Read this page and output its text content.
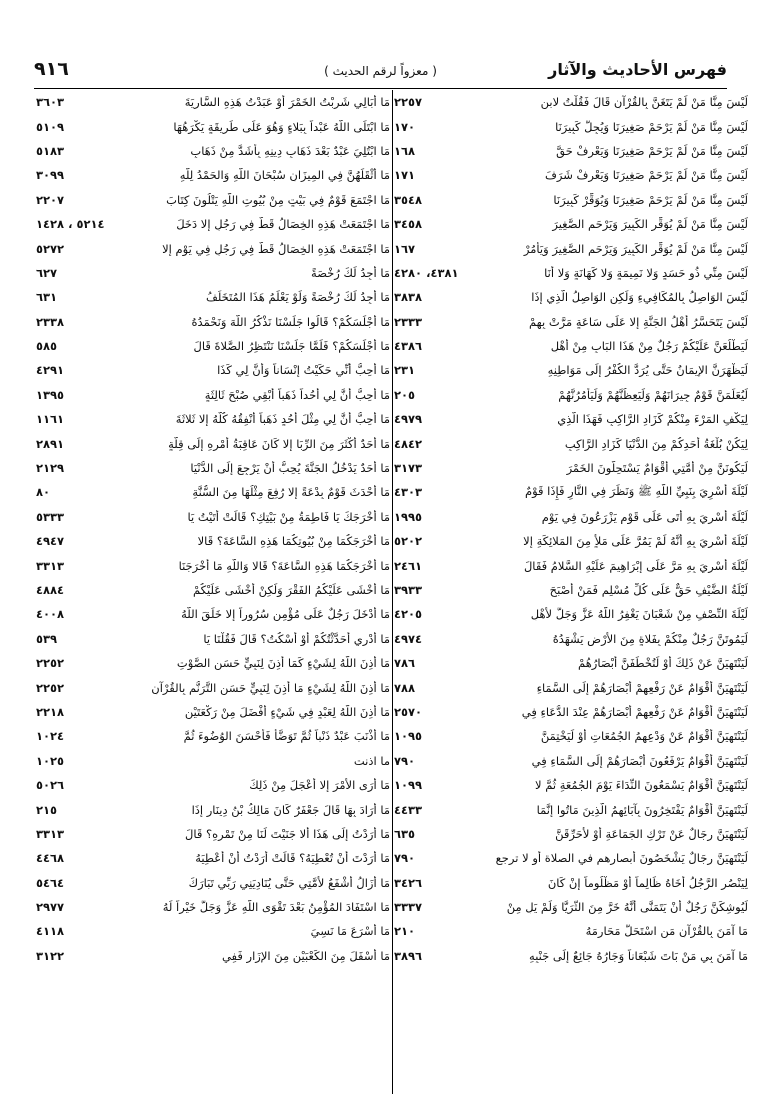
فهرس الأحاديث والآثار
( معزواً لرقم الحديث )
٩١٦
لَيْسَ مِنَّا مَنْ لَمْ يَتَغَنَّ بِالقُرْآنِ قَالَ فَقُلْتُ لابن
٢٢٥٧
لَيْسَ مِنَّا مَنْ لَمْ يَرْحَمْ صَغِيرَنَا وَيُجِلَّ كَبِيرَنَا
١٧٠
لَيْسَ مِنَّا مَنْ لَمْ يَرْحَمْ صَغِيرَنَا وَيَعْرِفْ حَقَّ
١٦٨
لَيْسَ مِنَّا مَنْ لَمْ يَرْحَمْ صَغِيرَنَا وَيَعْرِفْ شَرَفَ
١٧١
لَيْسَ مِنَّا مَنْ لَمْ يَرْحَمْ صَغِيرَنَا وَيُوَقِّرْ كَبِيرَنَا
٣٥٤٨
لَيْسَ مِنَّا مَنْ لَمْ يُوَقِّرِ الكَبِيرَ وَيَرْحَمِ الصَّغِيرَ
٣٤٥٨
لَيْسَ مِنَّا مَنْ لَمْ يُوَقِّرِ الكَبِيرَ وَيَرْحَمِ الصَّغِيرَ وَيَأْمُرْ
١٦٧
لَيْسَ مِنِّي ذُو حَسَدٍ وَلا نَمِيمَةٍ وَلا كَهَانَةٍ وَلا أَنَا
٤٣٨١، ٤٢٨٠
لَيْسَ الوَاصِلُ بِالمُكَافِيءِ وَلَكِنِ الوَاصِلُ الَّذِي إِذَا
٣٨٣٨
لَيْسَ يَتَحَسَّرُ أَهْلُ الجَنَّةِ إِلا عَلَى سَاعَةٍ مَرَّتْ بِهِمْ
٢٣٣٣
لَيَطْلُعَنَّ عَلَيْكُمْ رَجُلٌ مِنْ هَذَا البَابِ مِنْ أَهْلِ
٤٣٨٦
لَيَظْهَرَنَّ الإِيمَانُ حَتَّى يُرَدَّ الكُفْرُ إِلَى مَوَاطِنِهِ
٢٣١
لَيُعَلِّمَنَّ قَوْمٌ جِيرَانَهُمْ وَلَيَعِظُنَّهُمْ وَلَيَأْمُرُنَّهُمْ
٢٠٥
لِيَكْفِ المَرْءَ مِنْكُمْ كَزَادِ الرَّاكِبِ فَهَذَا الَّذِي
٤٩٧٩
لِيَكُنْ بُلْغَةُ أَحَدِكُمْ مِنَ الدُّنْيَا كَزَادِ الرَّاكِبِ
٤٨٤٢
لَيَكُونَنَّ مِنْ أُمَّتِي أَقْوَامٌ يَسْتَحِلُّونَ الخَمْرَ
٣١٧٣
لَيْلَةَ أُسْرِيَ بِنَبِيِّ اللَّهِ ﷺ وَنَظَرَ فِي النَّارِ فَإِذَا قَوْمٌ
٤٣٠٣
لَيْلَةَ أُسْرِيَ بِهِ أَتَى عَلَى قَوْمٍ يَزْرَعُونَ فِي يَوْمٍ
١٩٩٥
لَيْلَةَ أُسْرِيَ بِهِ أَنَّهُ لَمْ يَمُرَّ عَلَى مَلأٍ مِنَ المَلائِكَةِ إِلا
٥٢٠٢
لَيْلَةَ أُسْرِيَ بِهِ مَرَّ عَلَى إِبْرَاهِيمَ عَلَيْهِ السَّلامُ فَقَالَ
٢٤٦١
لَيْلَةُ الضَّيْفِ حَقٌّ عَلَى كُلِّ مُسْلِمٍ فَمَنْ أَصْبَحَ
٣٩٣٣
لَيْلَةَ النِّصْفِ مِنْ شَعْبَانَ يَغْفِرُ اللَّهُ عَزَّ وَجَلَّ لأَهْلِ
٤٢٠٥
لَيَمُوتَنَّ رَجُلٌ مِنْكُمْ بِفَلاةٍ مِنَ الأَرْضِ يَشْهَدُهُ
٤٩٧٤
لَيَنْتَهِيَنَّ عَنْ ذَلِكَ أَوْ لَتُخْطَفَنَّ أَبْصَارُهُمْ
٧٨٦
لَيَنْتَهِيَنَّ أَقْوَامٌ عَنْ رَفْعِهِمْ أَبْصَارَهُمْ إِلَى السَّمَاءِ
٧٨٨
لَيَنْتَهِيَنَّ أَقْوَامٌ عَنْ رَفْعِهِمْ أَبْصَارَهُمْ عِنْدَ الدُّعَاءِ فِي
٢٥٧٠
لَيَنْتَهِيَنَّ أَقْوَامٌ عَنْ وَدْعِهِمُ الجُمُعَاتِ أَوْ لَيَخْتِمَنَّ
١٠٩٥
لَيَنْتَهِيَنَّ أَقْوَامٌ يَرْفَعُونَ أَبْصَارَهُمْ إِلَى السَّمَاءِ فِي
٧٩٠
لَيَنْتَهِيَنَّ أَقْوَامٌ يَسْمَعُونَ النِّدَاءَ يَوْمَ الجُمُعَةِ ثُمَّ لا
١٠٩٩
لَيَنْتَهِيَنَّ أَقْوَامٌ يَفْتَخِرُونَ بِآبَائِهِمُ الَّذِينَ مَاتُوا إِنَّمَا
٤٤٣٣
لَيَنْتَهِيَنَّ رِجَالٌ عَنْ تَرْكِ الجَمَاعَةِ أَوْ لأُحَرِّقَنَّ
٦٣٥
لَيَنْتَهِيَنَّ رِجَالٌ يَشْخَصُونَ أبصارهم في الصلاة أو لا ترجع
٧٩٠
لِيَنْصُرِ الرَّجُلُ أَخَاهُ ظَالِماً أَوْ مَظْلُوماً إِنْ كَانَ
٣٤٢٦
لَيُوشِكَنَّ رَجُلٌ أَنْ يَتَمَنَّى أَنَّهُ خَرَّ مِنَ الثُّرَيَّا وَلَمْ يَلِ مِنْ
٣٣٣٧
مَا آمَنَ بِالقُرْآنِ مَنِ اسْتَحَلَّ مَحَارِمَهُ
٢١٠
مَا آمَنَ بِي مَنْ بَاتَ شَبْعَاناً وَجَارُهُ جَائِعٌ إِلَى جَنْبِهِ
٣٨٩٦
مَا أُبَالِي شَرِبْتُ الخَمْرَ أَوْ عَبَدْتُ هَذِهِ السَّارِيَةَ
٣٦٠٣
مَا ابْتَلَى اللَّهُ عَبْداً بِبَلاءٍ وَهُوَ عَلَى طَرِيقَةٍ يَكْرَهُهَا
٥١٠٩
مَا ابْتُلِيَ عَبْدٌ بَعْدَ ذَهَابِ دِينِهِ بِأَشَدَّ مِنْ ذَهَابِ
٥١٨٣
مَا أَثْقَلَهُنَّ فِي المِيزَانِ سُبْحَانَ اللَّهِ وَالحَمْدُ لِلَّهِ
٣٠٩٩
مَا اجْتَمَعَ قَوْمٌ فِي بَيْتٍ مِنْ بُيُوتِ اللَّهِ يَتْلُونَ كِتَابَ
٢٢٠٧
مَا اجْتَمَعَتْ هَذِهِ الخِصَالُ قَطُّ فِي رَجُلٍ إِلا دَخَلَ
٥٢١٤ ، ١٤٢٨
مَا اجْتَمَعَتْ هَذِهِ الخِصَالُ قَطُّ فِي رَجُلٍ فِي يَوْمٍ إِلا
٥٢٧٢
مَا أَجِدُ لَكَ رُخْصَةً
٦٢٧
مَا أَجِدُ لَكَ رُخْصَةً وَلَوْ يَعْلَمُ هَذَا المُتَخَلِّفُ
٦٣١
مَا أَجْلَسَكُمْ؟ قَالُوا جَلَسْنَا نَذْكُرُ اللَّهَ وَنَحْمَدُهُ
٢٣٣٨
مَا أَجْلَسَكُمْ؟ فَلَمَّا جَلَسْنَا نَنْتَظِرُ الصَّلاةَ قَالَ
٥٨٥
مَا أُحِبُّ أَنِّي حَكَيْتُ إِنْسَاناً وَأَنَّ لِي كَذَا
٤٢٩١
مَا أُحِبُّ أَنَّ لِي أُحُداً ذَهَباً أُبْقِي صُبْحَ ثَالِثَةٍ
١٣٩٥
مَا أُحِبُّ أَنَّ لِي مِثْلَ أُحُدٍ ذَهَباً أُنْفِقُهُ كُلَّهُ إِلا ثَلاثَةَ
١١٦١
مَا أَحَدٌ أَكْثَرَ مِنَ الرِّبَا إِلا كَانَ عَاقِبَةُ أَمْرِهِ إِلَى قِلَّةٍ
٢٨٩١
مَا أَحَدٌ يَدْخُلُ الجَنَّةَ يُحِبُّ أَنْ يَرْجِعَ إِلَى الدُّنْيَا
٢١٢٩
مَا أَحْدَثَ قَوْمٌ بِدْعَةً إِلا رُفِعَ مِثْلُهَا مِنَ السُّنَّةِ
٨٠
مَا أَخْرَجَكَ يَا فَاطِمَةُ مِنْ بَيْتِكِ؟ قَالَتْ أَتَيْتُ يَا
٥٣٣٣
مَا أَخْرَجَكُمَا مِنْ بُيُوتِكُمَا هَذِهِ السَّاعَةَ؟ قَالا
٤٩٤٧
مَا أَخْرَجَكُمَا هَذِهِ السَّاعَةَ؟ قَالا وَاللَّهِ مَا أَخْرَجَنَا
٣٣١٣
مَا أَخْشَى عَلَيْكُمُ الفَقْرَ وَلَكِنْ أَخْشَى عَلَيْكُمْ
٤٨٨٤
مَا أَدْخَلَ رَجُلٌ عَلَى مُؤْمِنٍ سُرُوراً إِلا خَلَقَ اللَّهُ
٤٠٠٨
مَا أَدْرِي أَحَدَّثْتُكُمْ أَوْ أَسْكُتُ؟ قَالَ فَقُلْنَا يَا
٥٣٩
مَا أَذِنَ اللَّهُ لِشَيْءٍ كَمَا أَذِنَ لِنَبِيٍّ حَسَنِ الصَّوْتِ
٢٢٥٢
مَا أَذِنَ اللَّهُ لِشَيْءٍ مَا أَذِنَ لِنَبِيٍّ حَسَنِ التَّرَنُّمِ بِالقُرْآنِ
٢٢٥٢
مَا أَذِنَ اللَّهُ لِعَبْدٍ فِي شَيْءٍ أَفْضَلَ مِنْ رَكْعَتَيْنِ
٢٢١٨
مَا أَذْنَبَ عَبْدٌ ذَنْباً ثُمَّ تَوَضَّأَ فَأَحْسَنَ الوُضُوءَ ثُمَّ
١٠٢٤
ما اذنت
١٠٢٥
مَا أَرَى الأَمْرَ إِلا أَعْجَلَ مِنْ ذَلِكَ
٥٠٢٦
مَا أَرَادَ بِهَا قَالَ جَعْفَرٌ كَانَ مَالِكُ بْنُ دِينَارٍ إِذَا
٢١٥
مَا أَرَدْتُ إِلَى هَذَا أَلا جَنَيْتَ لَنَا مِنْ تَمْرِهِ؟ قَالَ
٣٣١٣
مَا أَرَدْتَ أَنْ تُعْطِيَهُ؟ قَالَتْ أَرَدْتُ أَنْ أُعْطِيَهُ
٤٤٦٨
مَا أَزَالُ أَشْفَعُ لأُمَّتِي حَتَّى يُنَادِيَنِي رَبِّي تَبَارَكَ
٥٤٦٤
مَا اسْتَفَادَ المُؤْمِنُ بَعْدَ تَقْوَى اللَّهِ عَزَّ وَجَلَّ خَيْراً لَهُ
٢٩٧٧
مَا أَسْرَعَ مَا نَسِيَ
٤١١٨
مَا أَسْفَلَ مِنَ الكَعْبَيْنِ مِنَ الإِزَارِ فَفِي
٣١٢٢
